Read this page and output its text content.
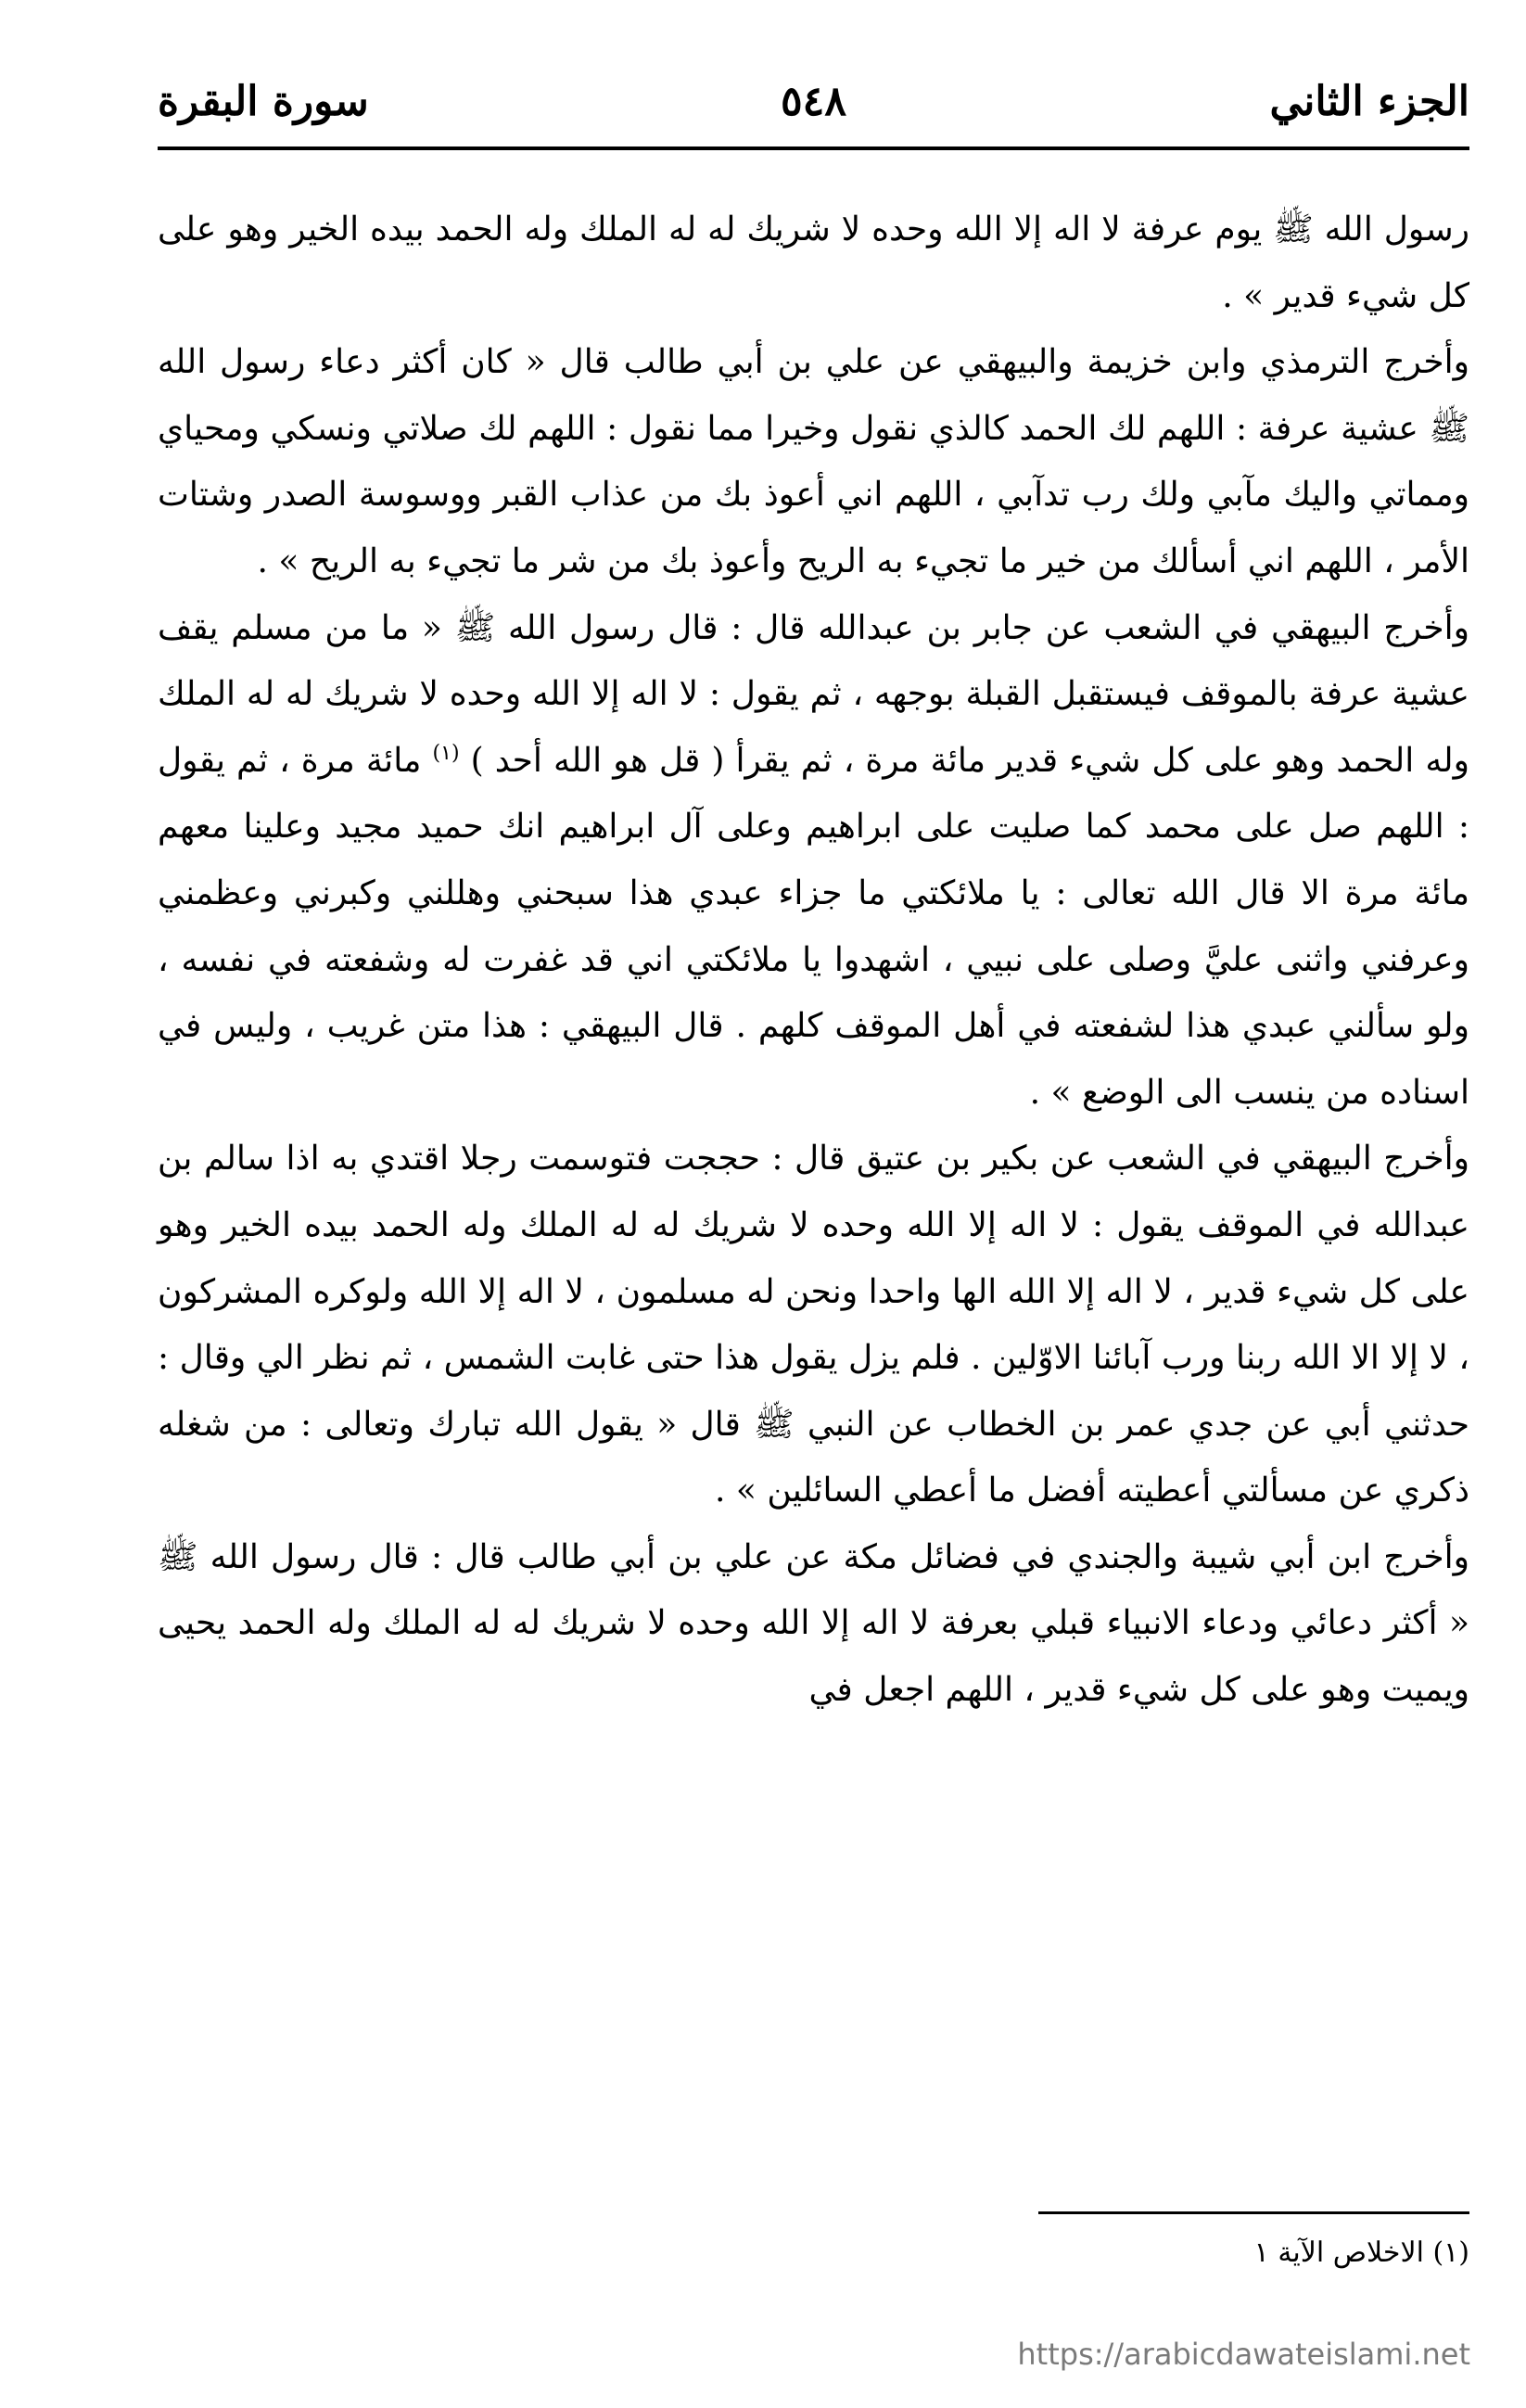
الجزء الثاني
٥٤٨
سورة البقرة

رسول الله ﷺ يوم عرفة لا اله إلا الله وحده لا شريك له له الملك وله الحمد بيده الخير وهو على كل شيء قدير » .

وأخرج الترمذي وابن خزيمة والبيهقي عن علي بن أبي طالب قال « كان أكثر دعاء رسول الله ﷺ عشية عرفة : اللهم لك الحمد كالذي نقول وخيرا مما نقول : اللهم لك صلاتي ونسكي ومحياي ومماتي واليك مآبي ولك رب تدآبي ، اللهم اني أعوذ بك من عذاب القبر ووسوسة الصدر وشتات الأمر ، اللهم اني أسألك من خير ما تجيء به الريح وأعوذ بك من شر ما تجيء به الريح » .

وأخرج البيهقي في الشعب عن جابر بن عبدالله قال : قال رسول الله ﷺ « ما من مسلم يقف عشية عرفة بالموقف فيستقبل القبلة بوجهه ، ثم يقول : لا اله إلا الله وحده لا شريك له له الملك وله الحمد وهو على كل شيء قدير مائة مرة ، ثم يقرأ ( قل هو الله أحد ) $^{(١)}$ مائة مرة ، ثم يقول : اللهم صل على محمد كما صليت على ابراهيم وعلى آل ابراهيم انك حميد مجيد وعلينا معهم مائة مرة الا قال الله تعالى : يا ملائكتي ما جزاء عبدي هذا سبحني وهللني وكبرني وعظمني وعرفني واثنى عليَّ وصلى على نبيي ، اشهدوا يا ملائكتي اني قد غفرت له وشفعته في نفسه ، ولو سألني عبدي هذا لشفعته في أهل الموقف كلهم . قال البيهقي : هذا متن غريب ، وليس في اسناده من ينسب الى الوضع » .

وأخرج البيهقي في الشعب عن بكير بن عتيق قال : حججت فتوسمت رجلا اقتدي به اذا سالم بن عبدالله في الموقف يقول : لا اله إلا الله وحده لا شريك له له الملك وله الحمد بيده الخير وهو على كل شيء قدير ، لا اله إلا الله الها واحدا ونحن له مسلمون ، لا اله إلا الله ولوكره المشركون ، لا إلا الا الله ربنا ورب آبائنا الاوّلين . فلم يزل يقول هذا حتى غابت الشمس ، ثم نظر الي وقال : حدثني أبي عن جدي عمر بن الخطاب عن النبي ﷺ قال « يقول الله تبارك وتعالى : من شغله ذكري عن مسألتي أعطيته أفضل ما أعطي السائلين » .

وأخرج ابن أبي شيبة والجندي في فضائل مكة عن علي بن أبي طالب قال : قال رسول الله ﷺ « أكثر دعائي ودعاء الانبياء قبلي بعرفة لا اله إلا الله وحده لا شريك له له الملك وله الحمد يحيى ويميت وهو على كل شيء قدير ، اللهم اجعل في

(١) الاخلاص الآية ١
https://arabicdawateislami.net
